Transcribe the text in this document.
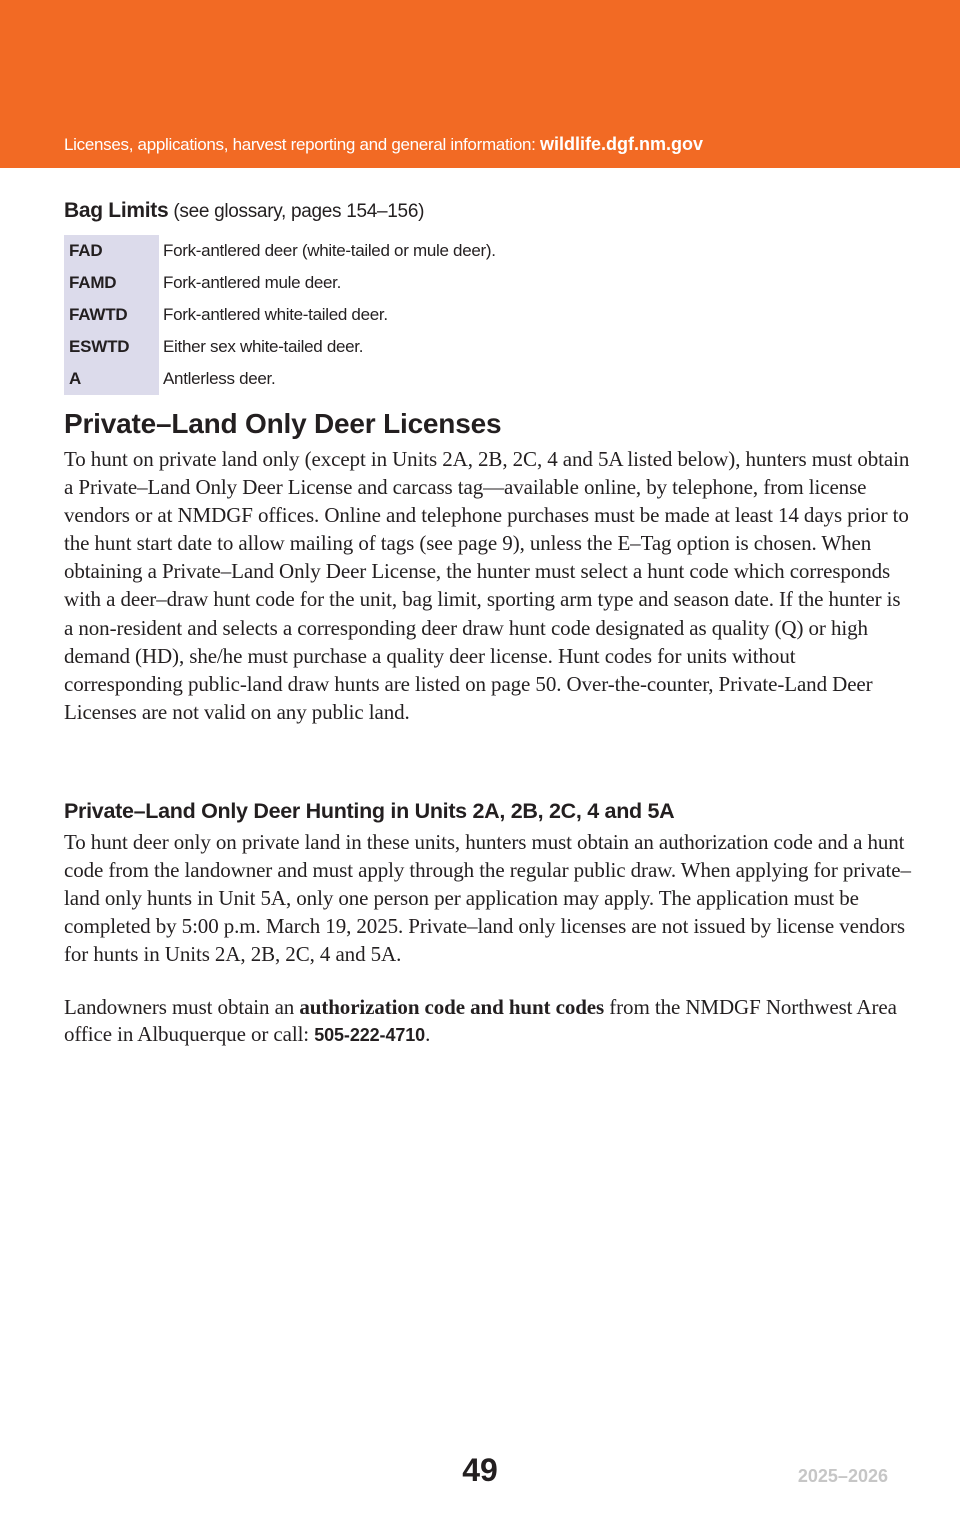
Licenses, applications, harvest reporting and general information: wildlife.dgf.nm.gov
Bag Limits (see glossary, pages 154–156)
FAD	Fork-antlered deer (white-tailed or mule deer).
FAMD	Fork-antlered mule deer.
FAWTD	Fork-antlered white-tailed deer.
ESWTD	Either sex white-tailed deer.
A	Antlerless deer.
Private–Land Only Deer Licenses

To hunt on private land only (except in Units 2A, 2B, 2C, 4 and 5A listed below), hunters must obtain a Private–Land Only Deer License and carcass tag—available online, by telephone, from license vendors or at NMDGF offices. Online and telephone purchases must be made at least 14 days prior to the hunt start date to allow mailing of tags (see page 9), unless the E–Tag option is chosen. When obtaining a Private–Land Only Deer License, the hunter must select a hunt code which corresponds with a deer–draw hunt code for the unit, bag limit, sporting arm type and season date. If the hunter is a non-resident and selects a corresponding deer draw hunt code designated as quality (Q) or high demand (HD), she/he must purchase a quality deer license. Hunt codes for units without corresponding public-land draw hunts are listed on page 50. Over-the-counter, Private-Land Deer Licenses are not valid on any public land.

Private–Land Only Deer Hunting in Units 2A, 2B, 2C, 4 and 5A

To hunt deer only on private land in these units, hunters must obtain an authorization code and a hunt code from the landowner and must apply through the regular public draw. When applying for private–land only hunts in Unit 5A, only one person per application may apply. The application must be completed by 5:00 p.m. March 19, 2025. Private–land only licenses are not issued by license vendors for hunts in Units 2A, 2B, 2C, 4 and 5A.

Landowners must obtain an authorization code and hunt codes from the NMDGF Northwest Area office in Albuquerque or call: 505-222-4710.

49	2025–2026
